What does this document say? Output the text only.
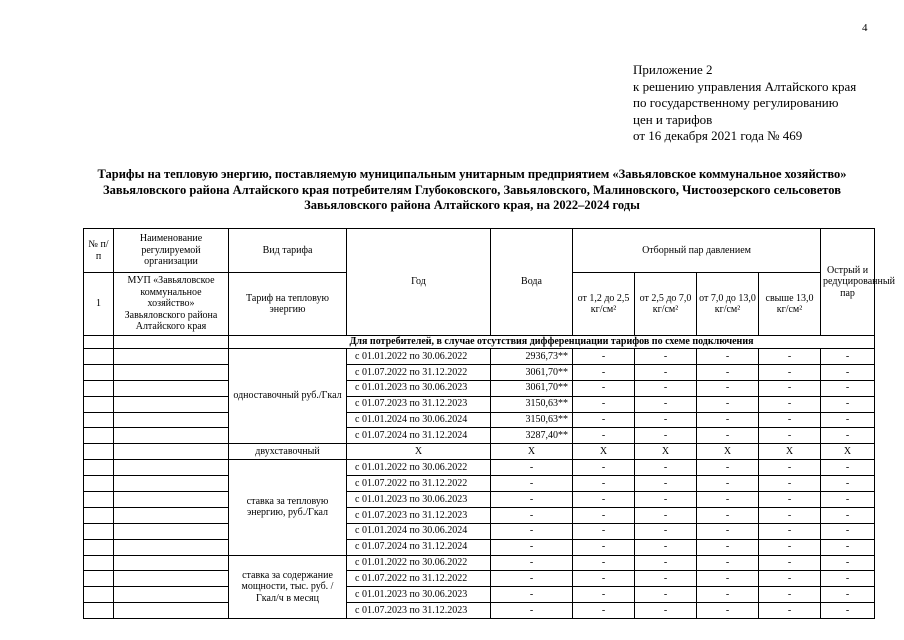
4
Приложение 2
к решению управления Алтайского края
по государственному регулированию
цен и тарифов
от 16 декабря 2021 года № 469
Тарифы на тепловую энергию, поставляемую муниципальным унитарным предприятием «Завьяловское коммунальное хозяйство»
Завьяловского района Алтайского края потребителям Глубоковского, Завьяловского, Малиновского, Чистоозерского сельсоветов
Завьяловского района Алтайского края, на 2022–2024 годы
№ п/п	Наименование регулируемой организации	Вид тарифа	Год	Вода	Отборный пар давлением				Острый и редуцированный пар
1	МУП «Завьяловское коммунальное хозяйство» Завьяловского района Алтайского края	Тариф на тепловую энергию			от 1,2 до 2,5 кг/см²	от 2,5 до 7,0 кг/см²	от 7,0 до 13,0 кг/см²	свыше 13,0 кг/см²	
		Для потребителей, в случае отсутствия дифференциации тарифов по схеме подключения							
		одноставочный руб./Гкал	с 01.01.2022 по 30.06.2022	2936,73**	-	-	-	-	-
			с 01.07.2022 по 31.12.2022	3061,70**	-	-	-	-	-
			с 01.01.2023 по 30.06.2023	3061,70**	-	-	-	-	-
			с 01.07.2023 по 31.12.2023	3150,63**	-	-	-	-	-
			с 01.01.2024 по 30.06.2024	3150,63**	-	-	-	-	-
			с 01.07.2024 по 31.12.2024	3287,40**	-	-	-	-	-
		двухставочный	X	X	X	X	X	X	X
		ставка за тепловую энергию, руб./Гкал	с 01.01.2022 по 30.06.2022	-	-	-	-	-	-
			с 01.07.2022 по 31.12.2022	-	-	-	-	-	-
			с 01.01.2023 по 30.06.2023	-	-	-	-	-	-
			с 01.07.2023 по 31.12.2023	-	-	-	-	-	-
			с 01.01.2024 по 30.06.2024	-	-	-	-	-	-
			с 01.07.2024 по 31.12.2024	-	-	-	-	-	-
		ставка за содержание мощности, тыс. руб. /Гкал/ч в месяц	с 01.01.2022 по 30.06.2022	-	-	-	-	-	-
			с 01.07.2022 по 31.12.2022	-	-	-	-	-	-
			с 01.01.2023 по 30.06.2023	-	-	-	-	-	-
			с 01.07.2023 по 31.12.2023	-	-	-	-	-	-
